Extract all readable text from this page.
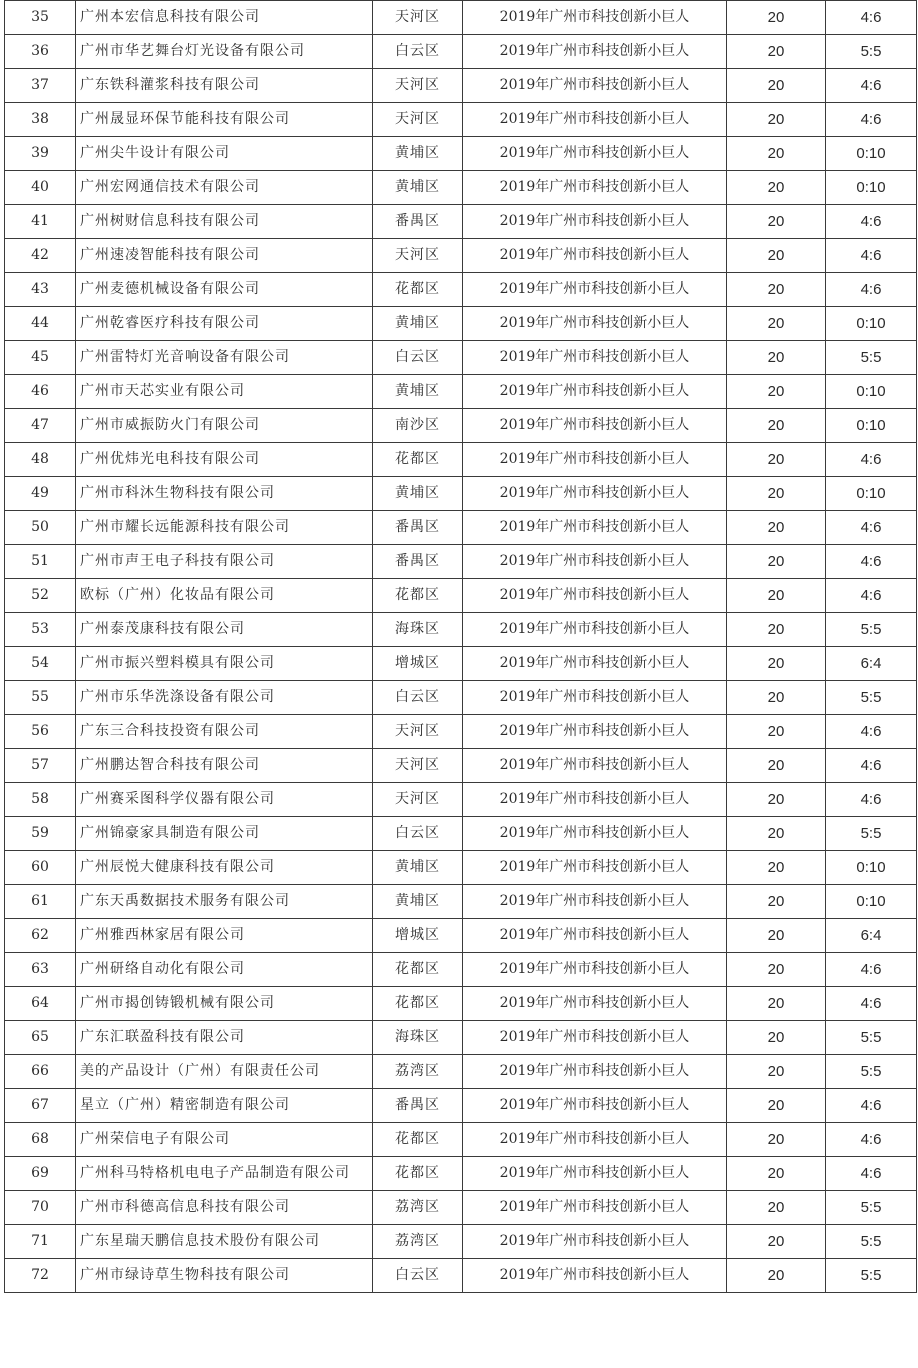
35	广州本宏信息科技有限公司	天河区	2019年广州市科技创新小巨人	20	4:6
36	广州市华艺舞台灯光设备有限公司	白云区	2019年广州市科技创新小巨人	20	5:5
37	广东铁科灌浆科技有限公司	天河区	2019年广州市科技创新小巨人	20	4:6
38	广州晟显环保节能科技有限公司	天河区	2019年广州市科技创新小巨人	20	4:6
39	广州尖牛设计有限公司	黄埔区	2019年广州市科技创新小巨人	20	0:10
40	广州宏网通信技术有限公司	黄埔区	2019年广州市科技创新小巨人	20	0:10
41	广州树财信息科技有限公司	番禺区	2019年广州市科技创新小巨人	20	4:6
42	广州速凌智能科技有限公司	天河区	2019年广州市科技创新小巨人	20	4:6
43	广州麦德机械设备有限公司	花都区	2019年广州市科技创新小巨人	20	4:6
44	广州乾睿医疗科技有限公司	黄埔区	2019年广州市科技创新小巨人	20	0:10
45	广州雷特灯光音响设备有限公司	白云区	2019年广州市科技创新小巨人	20	5:5
46	广州市天芯实业有限公司	黄埔区	2019年广州市科技创新小巨人	20	0:10
47	广州市威振防火门有限公司	南沙区	2019年广州市科技创新小巨人	20	0:10
48	广州优炜光电科技有限公司	花都区	2019年广州市科技创新小巨人	20	4:6
49	广州市科沐生物科技有限公司	黄埔区	2019年广州市科技创新小巨人	20	0:10
50	广州市耀长远能源科技有限公司	番禺区	2019年广州市科技创新小巨人	20	4:6
51	广州市声王电子科技有限公司	番禺区	2019年广州市科技创新小巨人	20	4:6
52	欧标（广州）化妆品有限公司	花都区	2019年广州市科技创新小巨人	20	4:6
53	广州泰茂康科技有限公司	海珠区	2019年广州市科技创新小巨人	20	5:5
54	广州市振兴塑料模具有限公司	增城区	2019年广州市科技创新小巨人	20	6:4
55	广州市乐华洗涤设备有限公司	白云区	2019年广州市科技创新小巨人	20	5:5
56	广东三合科技投资有限公司	天河区	2019年广州市科技创新小巨人	20	4:6
57	广州鹏达智合科技有限公司	天河区	2019年广州市科技创新小巨人	20	4:6
58	广州赛采图科学仪器有限公司	天河区	2019年广州市科技创新小巨人	20	4:6
59	广州锦豪家具制造有限公司	白云区	2019年广州市科技创新小巨人	20	5:5
60	广州辰悦大健康科技有限公司	黄埔区	2019年广州市科技创新小巨人	20	0:10
61	广东天禹数据技术服务有限公司	黄埔区	2019年广州市科技创新小巨人	20	0:10
62	广州雅西林家居有限公司	增城区	2019年广州市科技创新小巨人	20	6:4
63	广州研络自动化有限公司	花都区	2019年广州市科技创新小巨人	20	4:6
64	广州市揭创铸锻机械有限公司	花都区	2019年广州市科技创新小巨人	20	4:6
65	广东汇联盈科技有限公司	海珠区	2019年广州市科技创新小巨人	20	5:5
66	美的产品设计（广州）有限责任公司	荔湾区	2019年广州市科技创新小巨人	20	5:5
67	星立（广州）精密制造有限公司	番禺区	2019年广州市科技创新小巨人	20	4:6
68	广州荣信电子有限公司	花都区	2019年广州市科技创新小巨人	20	4:6
69	广州科马特格机电电子产品制造有限公司	花都区	2019年广州市科技创新小巨人	20	4:6
70	广州市科德高信息科技有限公司	荔湾区	2019年广州市科技创新小巨人	20	5:5
71	广东星瑞天鹏信息技术股份有限公司	荔湾区	2019年广州市科技创新小巨人	20	5:5
72	广州市绿诗草生物科技有限公司	白云区	2019年广州市科技创新小巨人	20	5:5
